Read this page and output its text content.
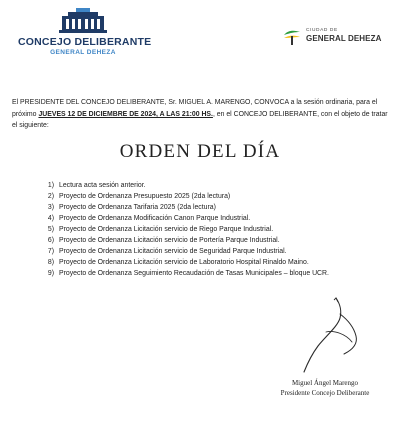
CONCEJO DELIBERANTE
GENERAL DEHEZA
CIUDAD DE
GENERAL DEHEZA
El PRESIDENTE DEL CONCEJO DELIBERANTE, Sr. MIGUEL A. MARENGO, CONVOCA a la sesión ordinaria, para el próximo JUEVES 12 DE DICIEMBRE DE 2024, A LAS 21:00 HS., en el CONCEJO DELIBERANTE, con el objeto de tratar el siguiente:
ORDEN DEL DÍA
1) Lectura acta sesión anterior.
2) Proyecto de Ordenanza Presupuesto 2025 (2da lectura)
3) Proyecto de Ordenanza Tarifaria 2025 (2da lectura)
4) Proyecto de Ordenanza Modificación Canon Parque Industrial.
5) Proyecto de Ordenanza Licitación servicio de Riego Parque Industrial.
6) Proyecto de Ordenanza Licitación servicio de Portería Parque Industrial.
7) Proyecto de Ordenanza Licitación servicio de Seguridad Parque Industrial.
8) Proyecto de Ordenanza Licitación servicio de Laboratorio Hospital Rinaldo Maino.
9) Proyecto de Ordenanza Seguimiento Recaudación de Tasas Municipales – bloque UCR.
Miguel Ángel Marengo
Presidente Concejo Deliberante
